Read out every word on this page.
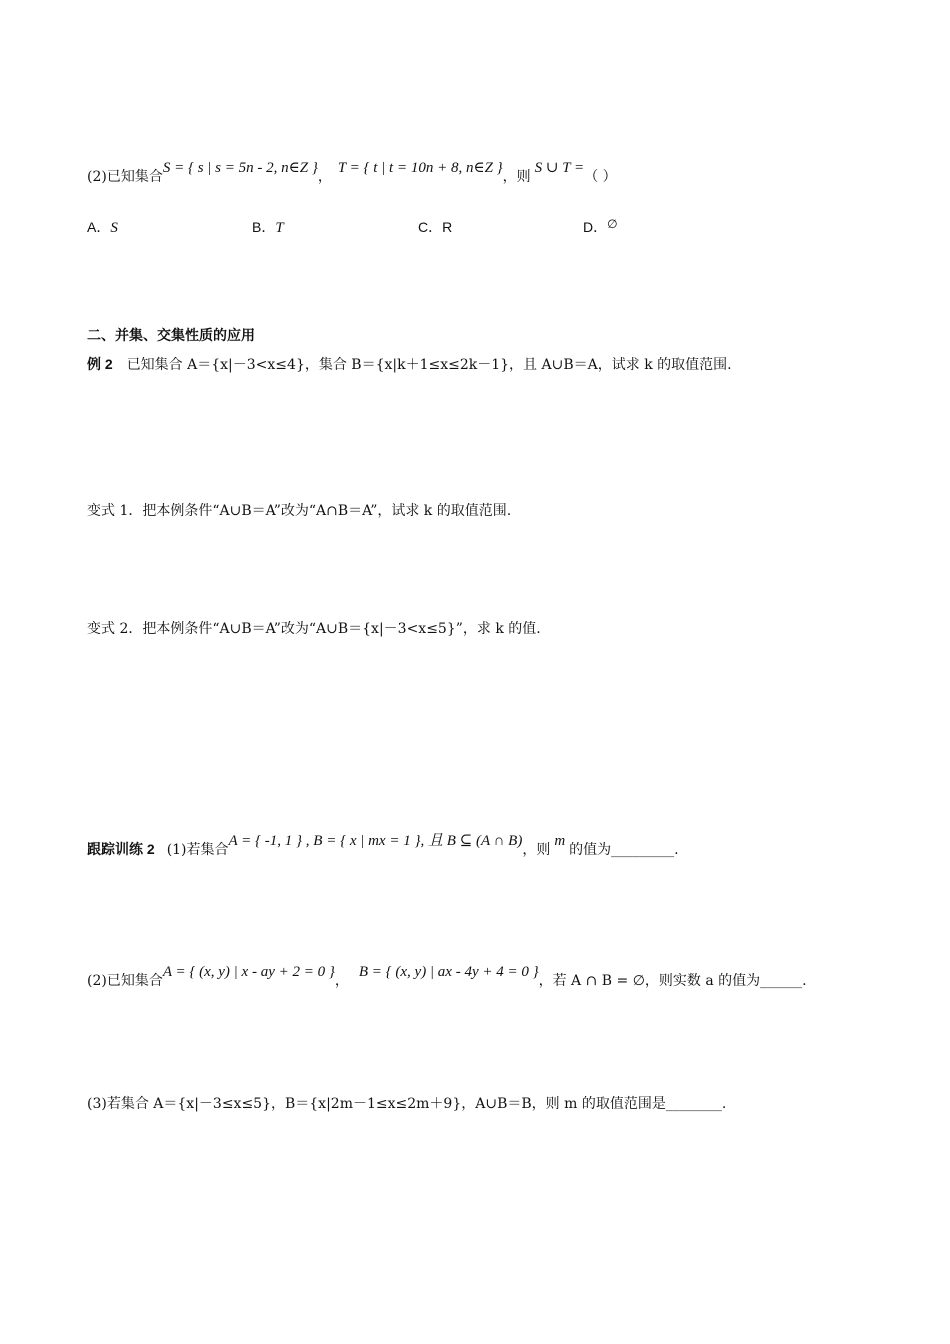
(2)已知集合S = { s | s = 5n - 2, n∈Z }，T = { t | t = 10n + 8, n∈Z }，则S ∪ T =（ ）
A．S	B．T	C．R	D．∅
二、并集、交集性质的应用
例 2 已知集合 A＝{x|－3<x≤4}，集合 B＝{x|k＋1≤x≤2k－1}，且 A∪B＝A，试求 k 的取值范围.
变式 1．把本例条件“A∪B＝A”改为“A∩B＝A”，试求 k 的取值范围.
变式 2．把本例条件“A∪B＝A”改为“A∪B＝{x|－3<x≤5}”，求 k 的值.
跟踪训练 2 (1)若集合A = { -1, 1 } , B = { x | mx = 1 }, 且 B ⊆ (A ∩ B)，则m的值为_________.
(2)已知集合A = { (x, y) | x - ay + 2 = 0 }，B = { (x, y) | ax - 4y + 4 = 0 }，若 A ∩ B = ∅，则实数 a 的值为______.
(3)若集合 A＝{x|－3≤x≤5}，B＝{x|2m－1≤x≤2m＋9}，A∪B＝B，则 m 的取值范围是________.
